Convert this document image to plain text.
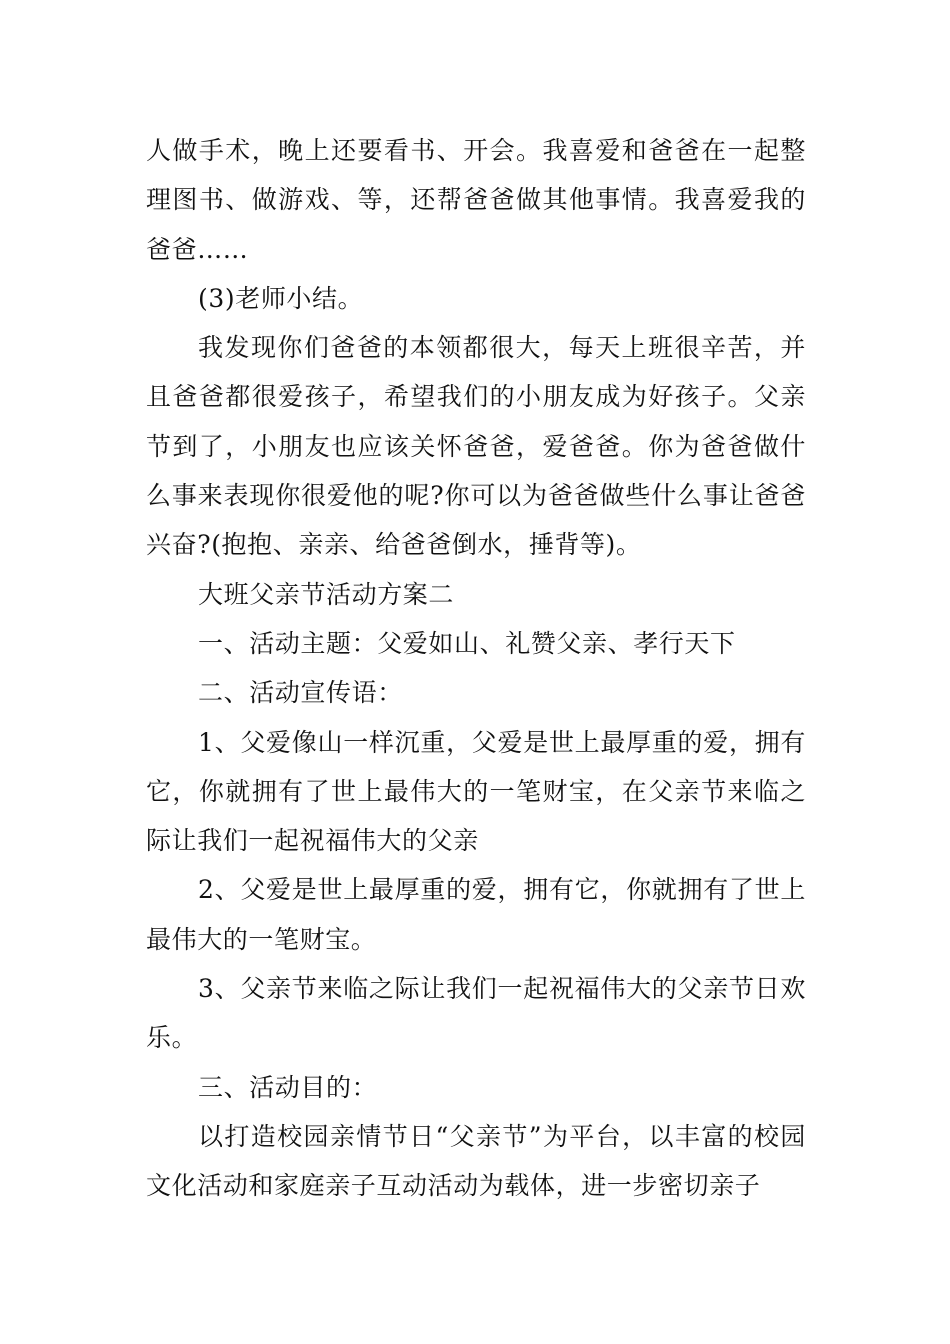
人做手术，晚上还要看书、开会。我喜爱和爸爸在一起整理图书、做游戏、等，还帮爸爸做其他事情。我喜爱我的爸爸……

(3)老师小结。

我发现你们爸爸的本领都很大，每天上班很辛苦，并且爸爸都很爱孩子，希望我们的小朋友成为好孩子。父亲节到了，小朋友也应该关怀爸爸，爱爸爸。你为爸爸做什么事来表现你很爱他的呢?你可以为爸爸做些什么事让爸爸兴奋?(抱抱、亲亲、给爸爸倒水，捶背等)。

大班父亲节活动方案二

一、活动主题：父爱如山、礼赞父亲、孝行天下

二、活动宣传语：

1、父爱像山一样沉重，父爱是世上最厚重的爱，拥有它，你就拥有了世上最伟大的一笔财宝，在父亲节来临之际让我们一起祝福伟大的父亲

2、父爱是世上最厚重的爱，拥有它，你就拥有了世上最伟大的一笔财宝。

3、父亲节来临之际让我们一起祝福伟大的父亲节日欢乐。

三、活动目的：

以打造校园亲情节日“父亲节”为平台，以丰富的校园文化活动和家庭亲子互动活动为载体，进一步密切亲子
